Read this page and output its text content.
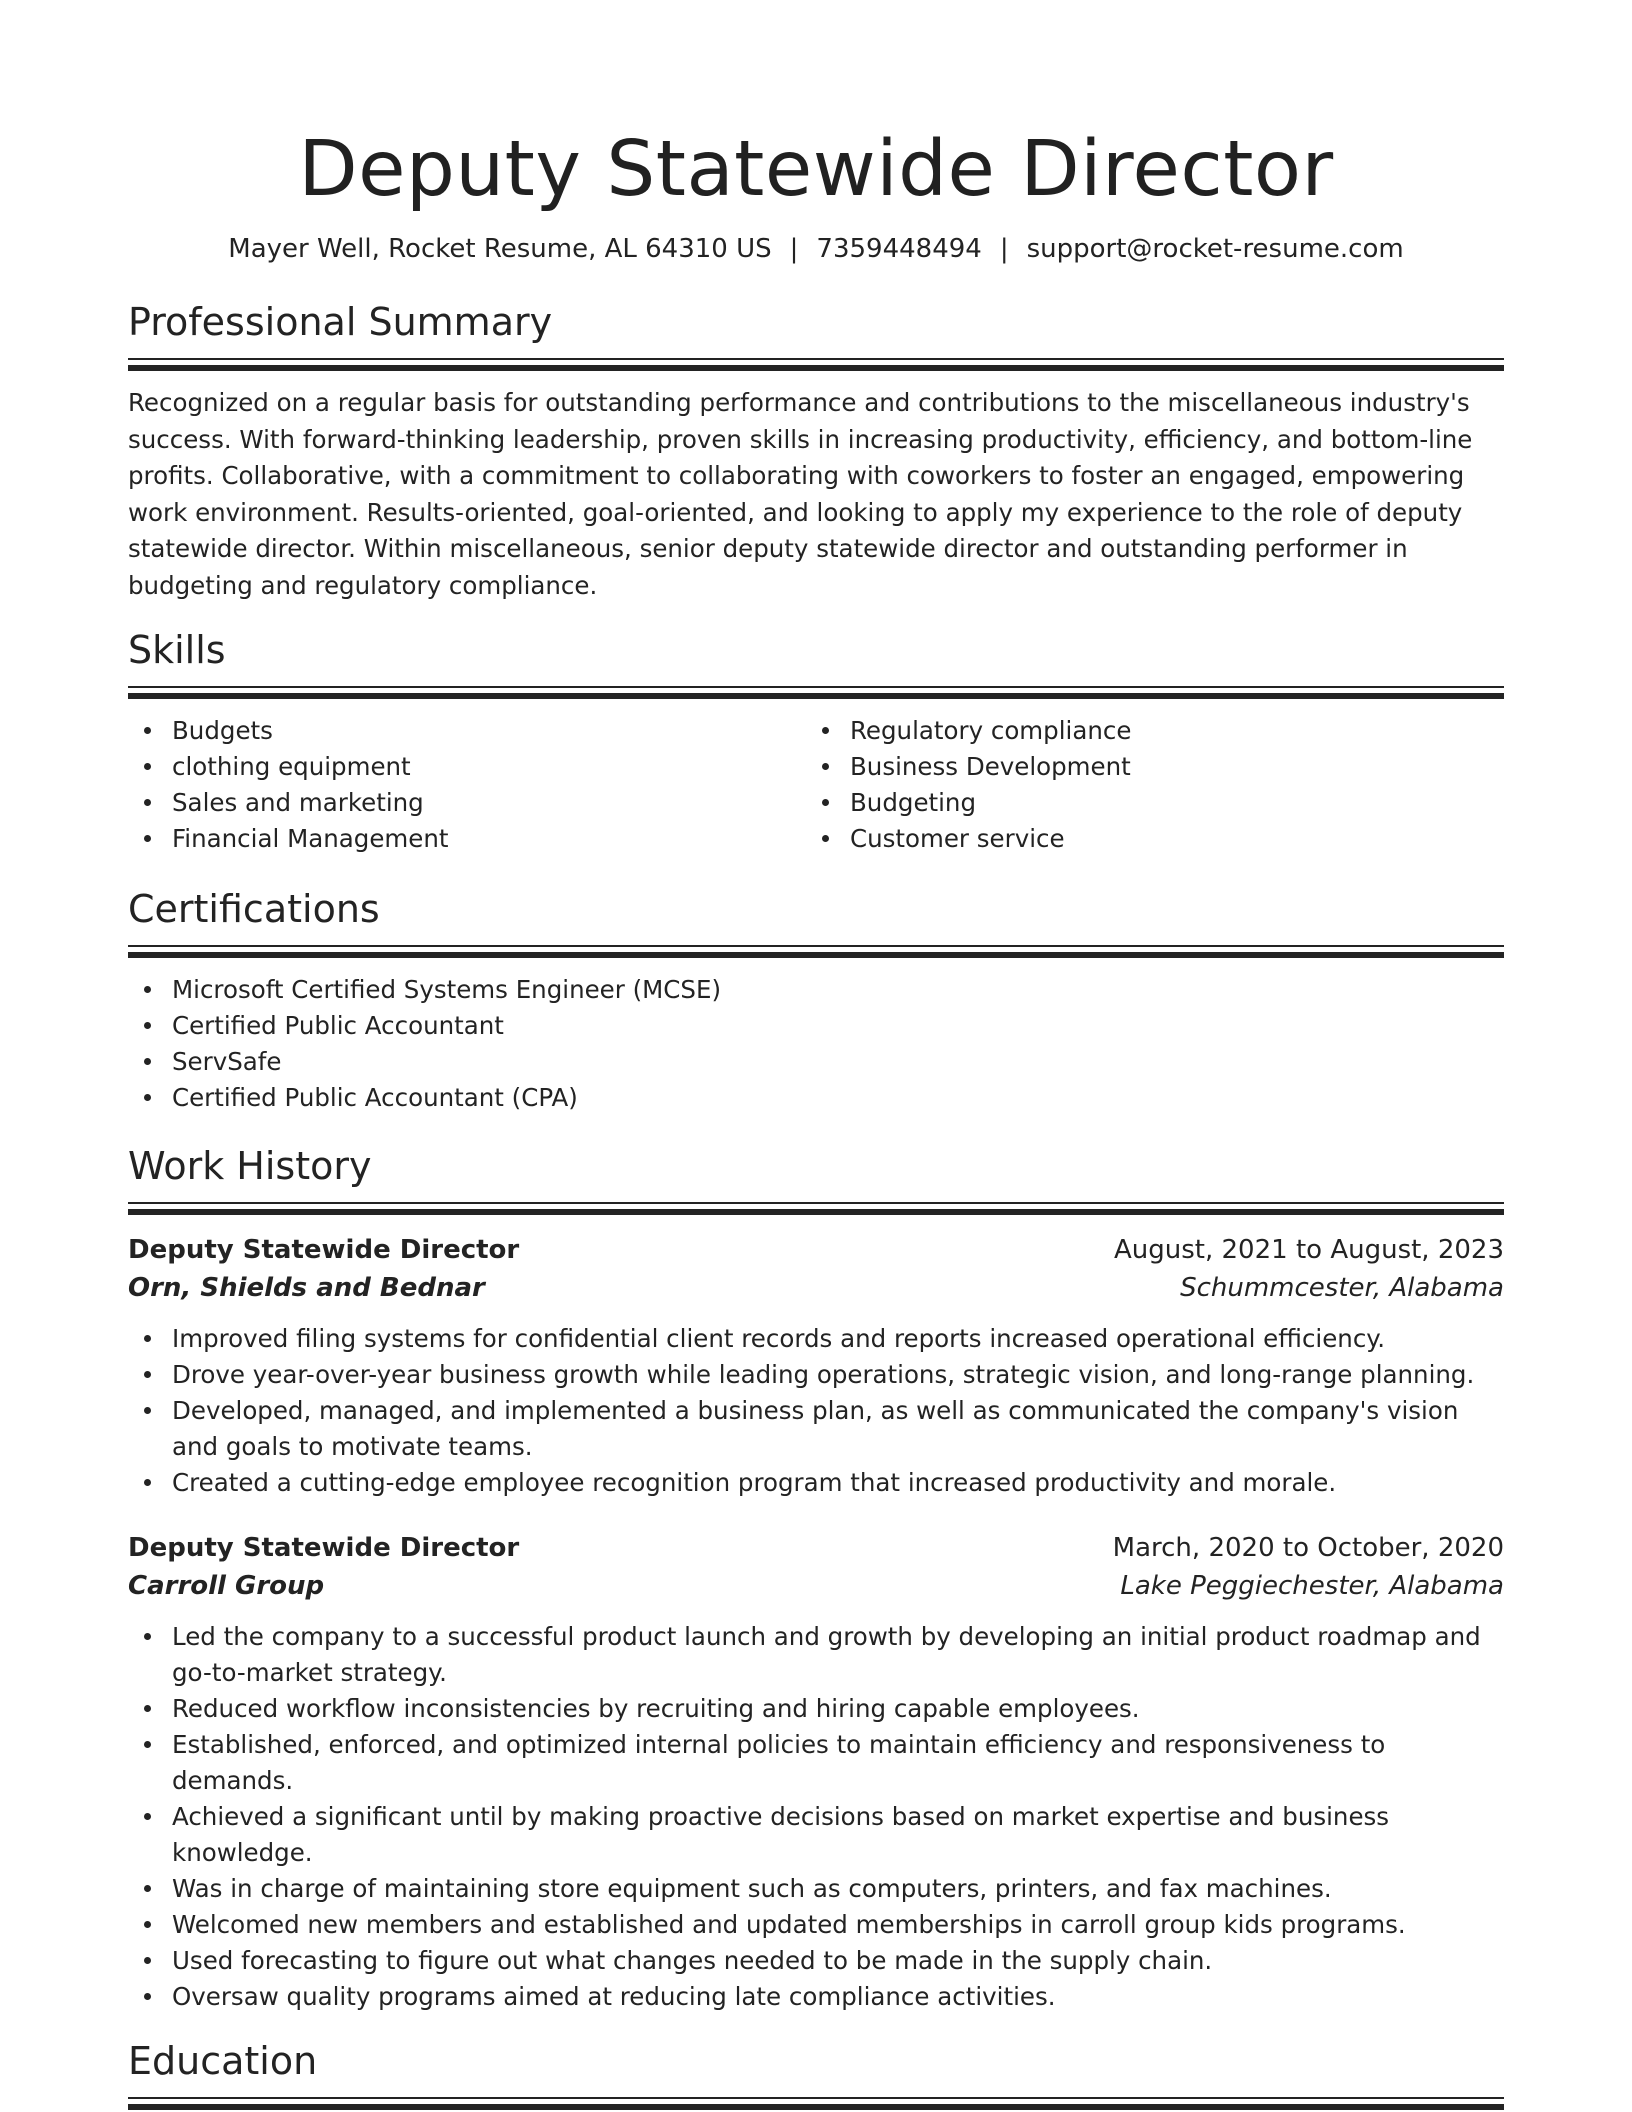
Deputy Statewide Director
Mayer Well, Rocket Resume, AL 64310 US | 7359448494 | support@rocket-resume.com
Professional Summary
Recognized on a regular basis for outstanding performance and contributions to the miscellaneous industry's success. With forward-thinking leadership, proven skills in increasing productivity, efficiency, and bottom-line profits. Collaborative, with a commitment to collaborating with coworkers to foster an engaged, empowering work environment. Results-oriented, goal-oriented, and looking to apply my experience to the role of deputy statewide director. Within miscellaneous, senior deputy statewide director and outstanding performer in budgeting and regulatory compliance.
Skills
Budgets
clothing equipment
Sales and marketing
Financial Management
Regulatory compliance
Business Development
Budgeting
Customer service
Certifications
Microsoft Certified Systems Engineer (MCSE)
Certified Public Accountant
ServSafe
Certified Public Accountant (CPA)
Work History
Deputy Statewide Director	August, 2021 to August, 2023
Orn, Shields and Bednar	Schummcester, Alabama
Improved filing systems for confidential client records and reports increased operational efficiency.
Drove year-over-year business growth while leading operations, strategic vision, and long-range planning.
Developed, managed, and implemented a business plan, as well as communicated the company's vision and goals to motivate teams.
Created a cutting-edge employee recognition program that increased productivity and morale.
Deputy Statewide Director	March, 2020 to October, 2020
Carroll Group	Lake Peggiechester, Alabama
Led the company to a successful product launch and growth by developing an initial product roadmap and go-to-market strategy.
Reduced workflow inconsistencies by recruiting and hiring capable employees.
Established, enforced, and optimized internal policies to maintain efficiency and responsiveness to demands.
Achieved a significant until by making proactive decisions based on market expertise and business knowledge.
Was in charge of maintaining store equipment such as computers, printers, and fax machines.
Welcomed new members and established and updated memberships in carroll group kids programs.
Used forecasting to figure out what changes needed to be made in the supply chain.
Oversaw quality programs aimed at reducing late compliance activities.
Education
